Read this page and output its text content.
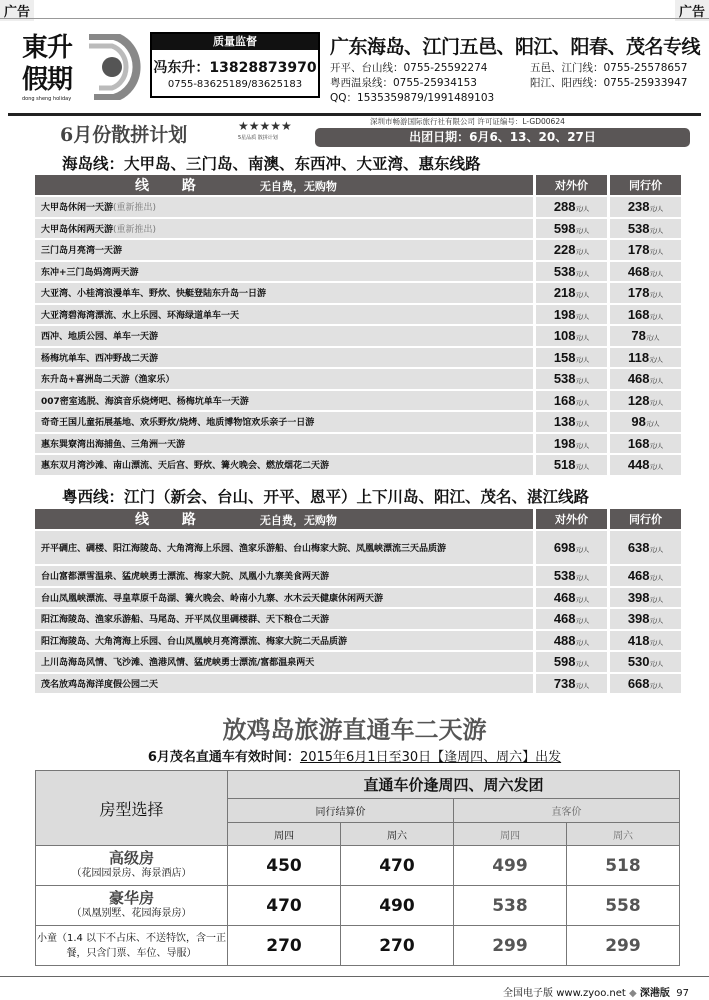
广告	广告
東升
假期
dong sheng holiday
质量监督
冯东升：13828873970
0755-83625189/83625183
广东海岛、江门五邑、阳江、阳春、茂名专线
开平、台山线：0755-25592274	五邑、江门线：0755-25578657
粤西温泉线：0755-25934153	阳江、阳西线：0755-25933947
QQ：1535359879/1991489103
6月份散拼计划	★★★★★
5星品质 散拼计划
深圳市畅游国际旅行社有限公司 许可证编号：L-GD00624
出团日期：6月6、13、20、27日
海岛线：大甲岛、三门岛、南澳、东西冲、大亚湾、惠东线路
线 路 无自费，无购物	对外价	同行价
大甲岛休闲一天游(重新推出)	288元/人	238元/人
大甲岛休闲两天游(重新推出)	598元/人	538元/人
三门岛月亮湾一天游	228元/人	178元/人
东冲+三门岛妈湾两天游	538元/人	468元/人
大亚湾、小桂湾浪漫单车、野炊、快艇登陆东升岛一日游	218元/人	178元/人
大亚湾碧海湾漂流、水上乐园、环海绿道单车一天	198元/人	168元/人
西冲、地质公园、单车一天游	108元/人	78元/人
杨梅坑单车、西冲野战二天游	158元/人	118元/人
东升岛+喜洲岛二天游（渔家乐）	538元/人	468元/人
007密室逃脱、海滨音乐烧烤吧、杨梅坑单车一天游	168元/人	128元/人
奇奇王国儿童拓展基地、欢乐野炊/烧烤、地质博物馆欢乐亲子一日游	138元/人	98元/人
惠东巽寮湾出海捕鱼、三角洲一天游	198元/人	168元/人
惠东双月湾沙滩、南山漂流、天后宫、野炊、篝火晚会、燃放烟花二天游	518元/人	448元/人
粤西线：江门（新会、台山、开平、恩平）上下川岛、阳江、茂名、湛江线路
线 路 无自费，无购物	对外价	同行价
开平碉庄、碉楼、阳江海陵岛、大角湾海上乐园、渔家乐游船、台山梅家大院、凤凰峡漂流三天品质游	698元/人	638元/人
台山富都漂雪温泉、猛虎峡勇士漂流、梅家大院、凤凰小九寨美食两天游	538元/人	468元/人
台山凤凰峡漂流、寻皇草原千岛湖、篝火晚会、岭南小九寨、水木云天健康休闲两天游	468元/人	398元/人
阳江海陵岛、渔家乐游船、马尾岛、开平凤仪里碉楼群、天下粮仓二天游	468元/人	398元/人
阳江海陵岛、大角湾海上乐园、台山凤凰峡月亮湾漂流、梅家大院二天品质游	488元/人	418元/人
上川岛海岛风情、飞沙滩、渔港风情、猛虎峡勇士漂流/富都温泉两天	598元/人	530元/人
茂名放鸡岛海洋度假公园二天	738元/人	668元/人
放鸡岛旅游直通车二天游
6月茂名直通车有效时间：2015年6月1日至30日【逢周四、周六】出发
房型选择	直通车价逢周四、周六发团			
	同行结算价		直客价	
	周四	周六	周四	周六

高级房
（花园园景房、海景酒店）	450	470	499	518

豪华房
（凤凰别墅、花园海景房）	470	490	538	558

小童（1.4 以下不占床、不送特饮，含一正餐，只含门票、车位、导服）	270	270	299	299
全国电子版 www.zyoo.net ◆ 深港版 97
